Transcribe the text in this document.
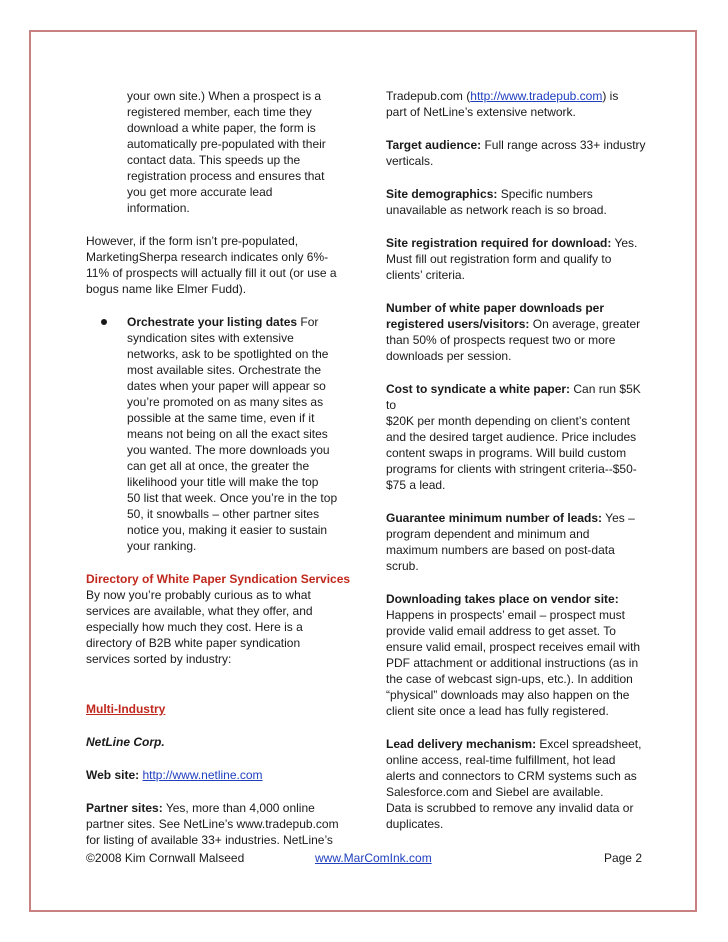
your own site.) When a prospect is a

registered member, each time they

download a white paper, the form is

automatically pre-populated with their

contact data. This speeds up the

registration process and ensures that

you get more accurate lead

information.

However, if the form isn’t pre-populated,

MarketingSherpa research indicates only 6%-

11% of prospects will actually fill it out (or use a

bogus name like Elmer Fudd).

Orchestrate your listing dates For

syndication sites with extensive

networks, ask to be spotlighted on the

most available sites. Orchestrate the

dates when your paper will appear so

you’re promoted on as many sites as

possible at the same time, even if it

means not being on all the exact sites

you wanted. The more downloads you

can get all at once, the greater the

likelihood your title will make the top

50 list that week. Once you’re in the top

50, it snowballs – other partner sites

notice you, making it easier to sustain

your ranking.

Directory of White Paper Syndication Services

By now you’re probably curious as to what

services are available, what they offer, and

especially how much they cost. Here is a

directory of B2B white paper syndication

services sorted by industry:

Multi-Industry

NetLine Corp.

Web site: http://www.netline.com

Partner sites: Yes, more than 4,000 online

partner sites. See NetLine’s www.tradepub.com

for listing of available 33+ industries. NetLine’s

Tradepub.com (http://www.tradepub.com) is

part of NetLine’s extensive network.

Target audience: Full range across 33+ industry

verticals.

Site demographics: Specific numbers

unavailable as network reach is so broad.

Site registration required for download: Yes.

Must fill out registration form and qualify to

clients’ criteria.

Number of white paper downloads per

registered users/visitors: On average, greater

than 50% of prospects request two or more

downloads per session.

Cost to syndicate a white paper: Can run $5K to

$20K per month depending on client’s content

and the desired target audience. Price includes

content swaps in programs. Will build custom

programs for clients with stringent criteria--$50-

$75 a lead.

Guarantee minimum number of leads: Yes –

program dependent and minimum and

maximum numbers are based on post-data

scrub.

Downloading takes place on vendor site:

Happens in prospects’ email – prospect must

provide valid email address to get asset. To

ensure valid email, prospect receives email with

PDF attachment or additional instructions (as in

the case of webcast sign-ups, etc.). In addition

“physical” downloads may also happen on the

client site once a lead has fully registered.

Lead delivery mechanism: Excel spreadsheet,

online access, real-time fulfillment, hot lead

alerts and connectors to CRM systems such as

Salesforce.com and Siebel are available.

Data is scrubbed to remove any invalid data or

duplicates.

©2008 Kim Cornwall Malseed	www.MarComInk.com	Page 2
